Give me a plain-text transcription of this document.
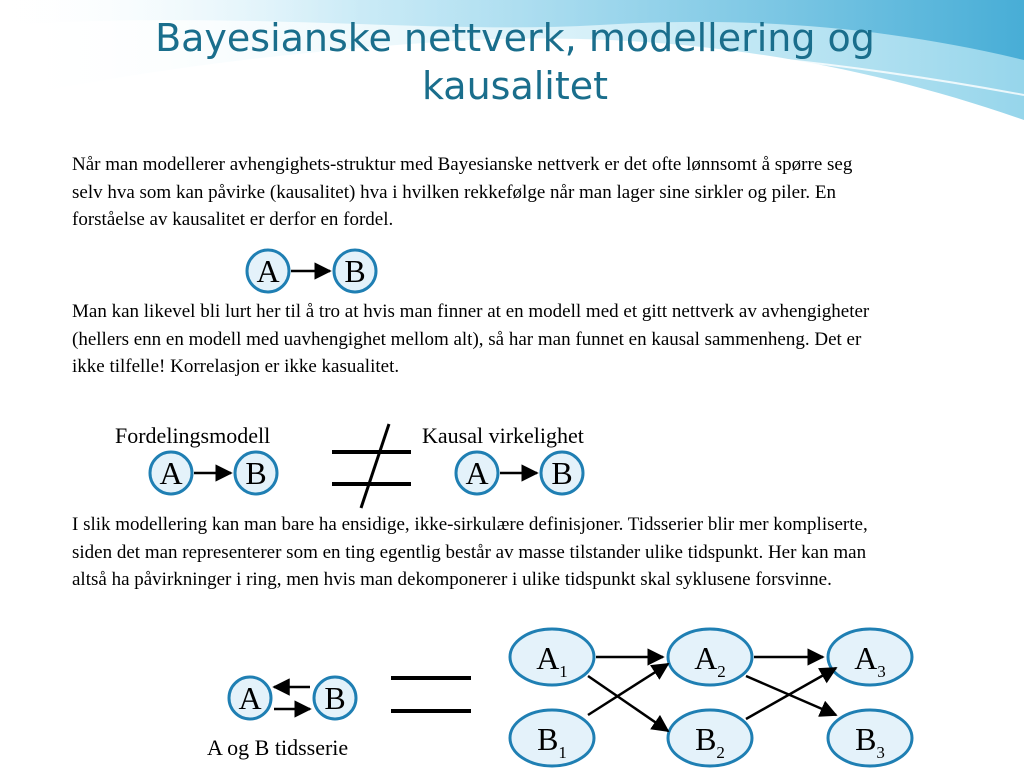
Bayesianske nettverk, modellering og kausalitet

Når man modellerer avhengighets-struktur med Bayesianske nettverk er det ofte lønnsomt å spørre seg selv hva som kan påvirke (kausalitet) hva i hvilken rekkefølge når man lager sine sirkler og piler. En forståelse av kausalitet er derfor en fordel.

Man kan likevel bli lurt her til å tro at hvis man finner at en modell med et gitt nettverk av avhengigheter (hellers enn en modell med uavhengighet mellom alt), så har man funnet en kausal sammenheng. Det er ikke tilfelle! Korrelasjon er ikke kasualitet.

I slik modellering kan man bare ha ensidige, ikke-sirkulære definisjoner. Tidsserier blir mer kompliserte, siden det man representerer som en ting egentlig består av masse tilstander ulike tidspunkt. Her kan man altså ha påvirkninger i ring, men hvis man dekomponerer i ulike tidspunkt skal syklusene forsvinne.

Fordelingsmodell	Kausal virkelighet
A og B tidsserie
A B
A B	A B
A B
$A_1$	$A_2$	$A_3$
$B_1$	$B_2$	$B_3$
